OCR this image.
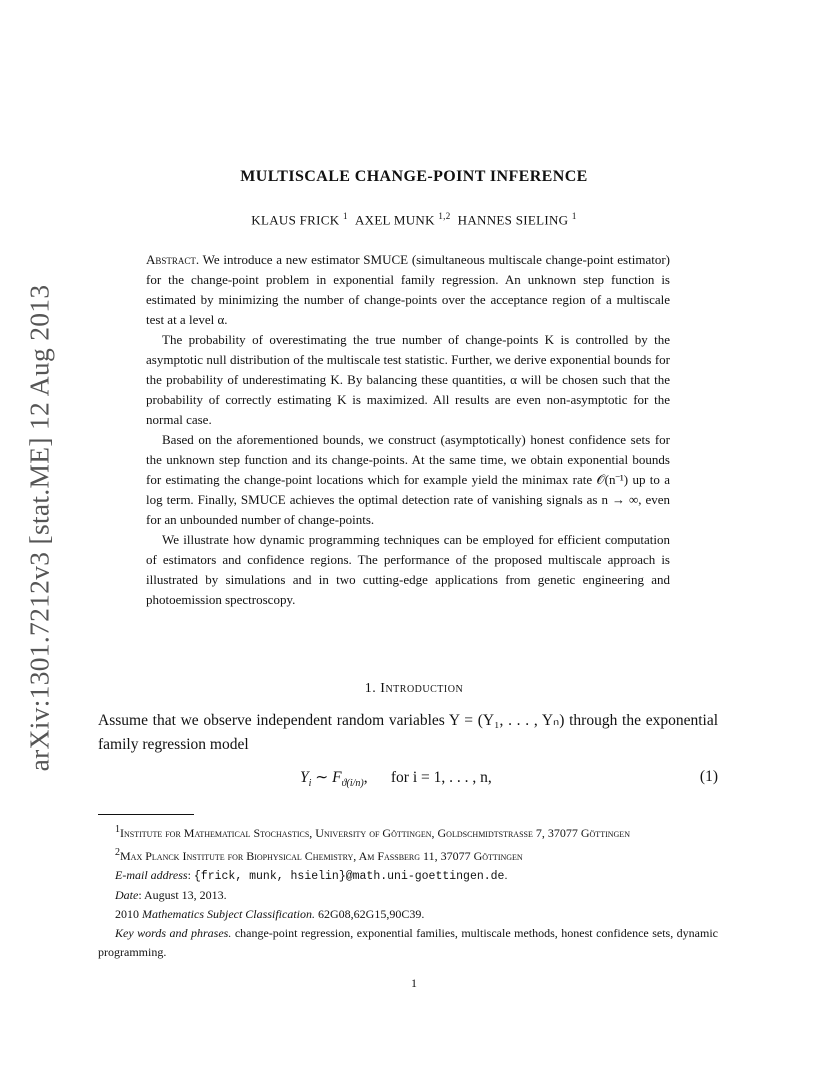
arXiv:1301.7212v3 [stat.ME] 12 Aug 2013
MULTISCALE CHANGE-POINT INFERENCE
KLAUS FRICK $^1$ AXEL MUNK $^{1,2}$ HANNES SIELING $^1$

Abstract. We introduce a new estimator SMUCE (simultaneous multiscale change-point estimator) for the change-point problem in exponential family regression. An unknown step function is estimated by minimizing the number of change-points over the acceptance region of a multiscale test at a level α.

The probability of overestimating the true number of change-points K is controlled by the asymptotic null distribution of the multiscale test statistic. Further, we derive exponential bounds for the probability of underestimating K. By balancing these quantities, α will be chosen such that the probability of correctly estimating K is maximized. All results are even non-asymptotic for the normal case.

Based on the aforementioned bounds, we construct (asymptotically) honest confidence sets for the unknown step function and its change-points. At the same time, we obtain exponential bounds for estimating the change-point locations which for example yield the minimax rate 𝒪(n⁻¹) up to a log term. Finally, SMUCE achieves the optimal detection rate of vanishing signals as n → ∞, even for an unbounded number of change-points.

We illustrate how dynamic programming techniques can be employed for efficient computation of estimators and confidence regions. The performance of the proposed multiscale approach is illustrated by simulations and in two cutting-edge applications from genetic engineering and photoemission spectroscopy.

1. Introduction

Assume that we observe independent random variables Y = (Y₁, . . . , Yₙ) through the exponential family regression model

$Y_i$ ∼ $F_{ϑ(i/n)}$, for i = 1, . . . , n,	(1)

$^1$Institute for Mathematical Stochastics, University of Göttingen, Goldschmidtstrasse 7, 37077 Göttingen

$^2$Max Planck Institute for Biophysical Chemistry, Am Fassberg 11, 37077 Göttingen

E-mail address: {frick, munk, hsielin}@math.uni-goettingen.de.

Date: August 13, 2013.

2010 Mathematics Subject Classification. 62G08,62G15,90C39.

Key words and phrases. change-point regression, exponential families, multiscale methods, honest confidence sets, dynamic programming.

1
